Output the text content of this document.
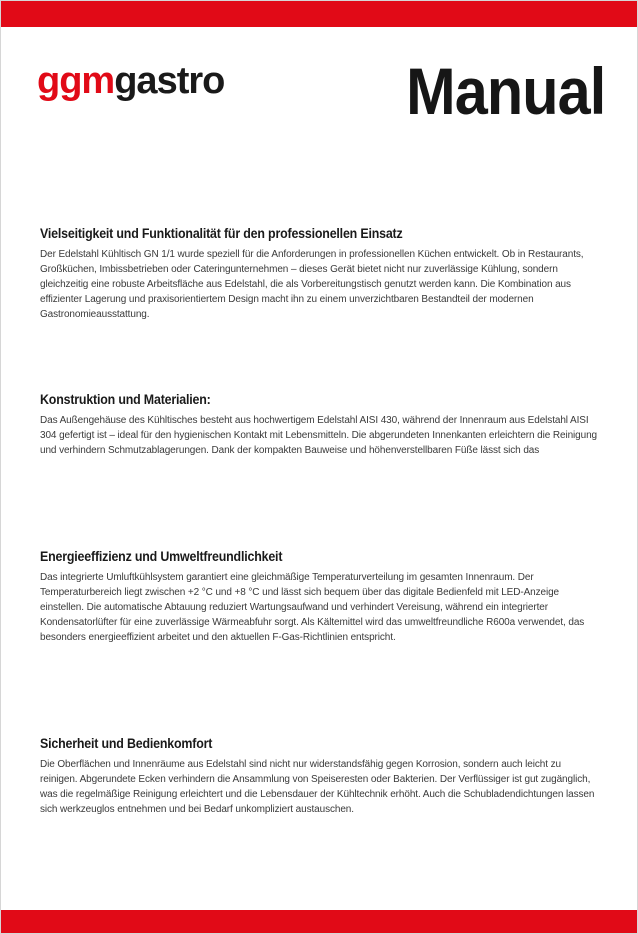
ggmgastro	Manual
Vielseitigkeit und Funktionalität für den professionellen Einsatz

Der Edelstahl Kühltisch GN 1/1 wurde speziell für die Anforderungen in professionellen Küchen entwickelt. Ob in Restaurants, Großküchen, Imbissbetrieben oder Cateringunternehmen – dieses Gerät bietet nicht nur zuverlässige Kühlung, sondern gleichzeitig eine robuste Arbeitsfläche aus Edelstahl, die als Vorbereitungstisch genutzt werden kann. Die Kombination aus effizienter Lagerung und praxisorientiertem Design macht ihn zu einem unverzichtbaren Bestandteil der modernen Gastronomieausstattung.

Konstruktion und Materialien:

Das Außengehäuse des Kühltisches besteht aus hochwertigem Edelstahl AISI 430, während der Innenraum aus Edelstahl AISI 304 gefertigt ist – ideal für den hygienischen Kontakt mit Lebensmitteln. Die abgerundeten Innenkanten erleichtern die Reinigung und verhindern Schmutzablagerungen. Dank der kompakten Bauweise und höhenverstellbaren Füße lässt sich das

Energieeffizienz und Umweltfreundlichkeit

Das integrierte Umluftkühlsystem garantiert eine gleichmäßige Temperaturverteilung im gesamten Innenraum. Der Temperaturbereich liegt zwischen +2 °C und +8 °C und lässt sich bequem über das digitale Bedienfeld mit LED-Anzeige einstellen. Die automatische Abtauung reduziert Wartungsaufwand und verhindert Vereisung, während ein integrierter Kondensatorlüfter für eine zuverlässige Wärmeabfuhr sorgt. Als Kältemittel wird das umweltfreundliche R600a verwendet, das besonders energieeffizient arbeitet und den aktuellen F-Gas-Richtlinien entspricht.

Sicherheit und Bedienkomfort

Die Oberflächen und Innenräume aus Edelstahl sind nicht nur widerstandsfähig gegen Korrosion, sondern auch leicht zu reinigen. Abgerundete Ecken verhindern die Ansammlung von Speiseresten oder Bakterien. Der Verflüssiger ist gut zugänglich, was die regelmäßige Reinigung erleichtert und die Lebensdauer der Kühltechnik erhöht. Auch die Schubladendichtungen lassen sich werkzeuglos entnehmen und bei Bedarf unkompliziert austauschen.
